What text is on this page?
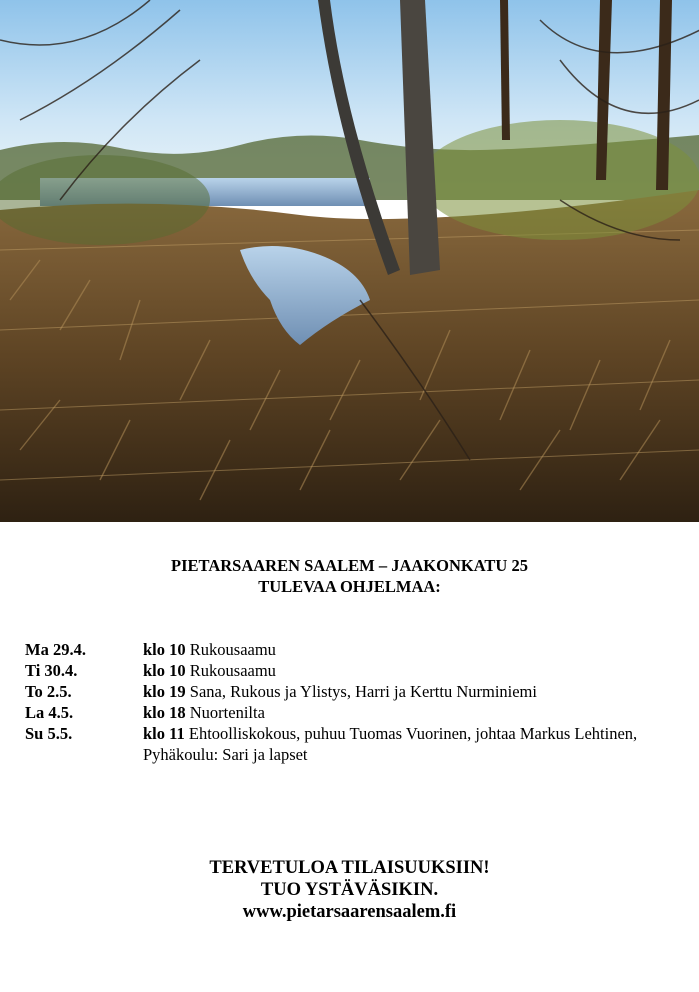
PIETARSAAREN SAALEM – JAAKONKATU 25
TULEVAA OHJELMAA:
Ma 29.4.	klo 10 Rukousaamu
Ti 30.4.	klo 10 Rukousaamu
To 2.5.	klo 19 Sana, Rukous ja Ylistys, Harri ja Kerttu Nurminiemi
La 4.5.	klo 18 Nuortenilta
Su 5.5.	klo 11 Ehtoolliskokous, puhuu Tuomas Vuorinen, johtaa Markus Lehtinen, Pyhäkoulu: Sari ja lapset
TERVETULOA TILAISUUKSIIN!
TUO YSTÄVÄSIKIN.
www.pietarsaarensaalem.fi
